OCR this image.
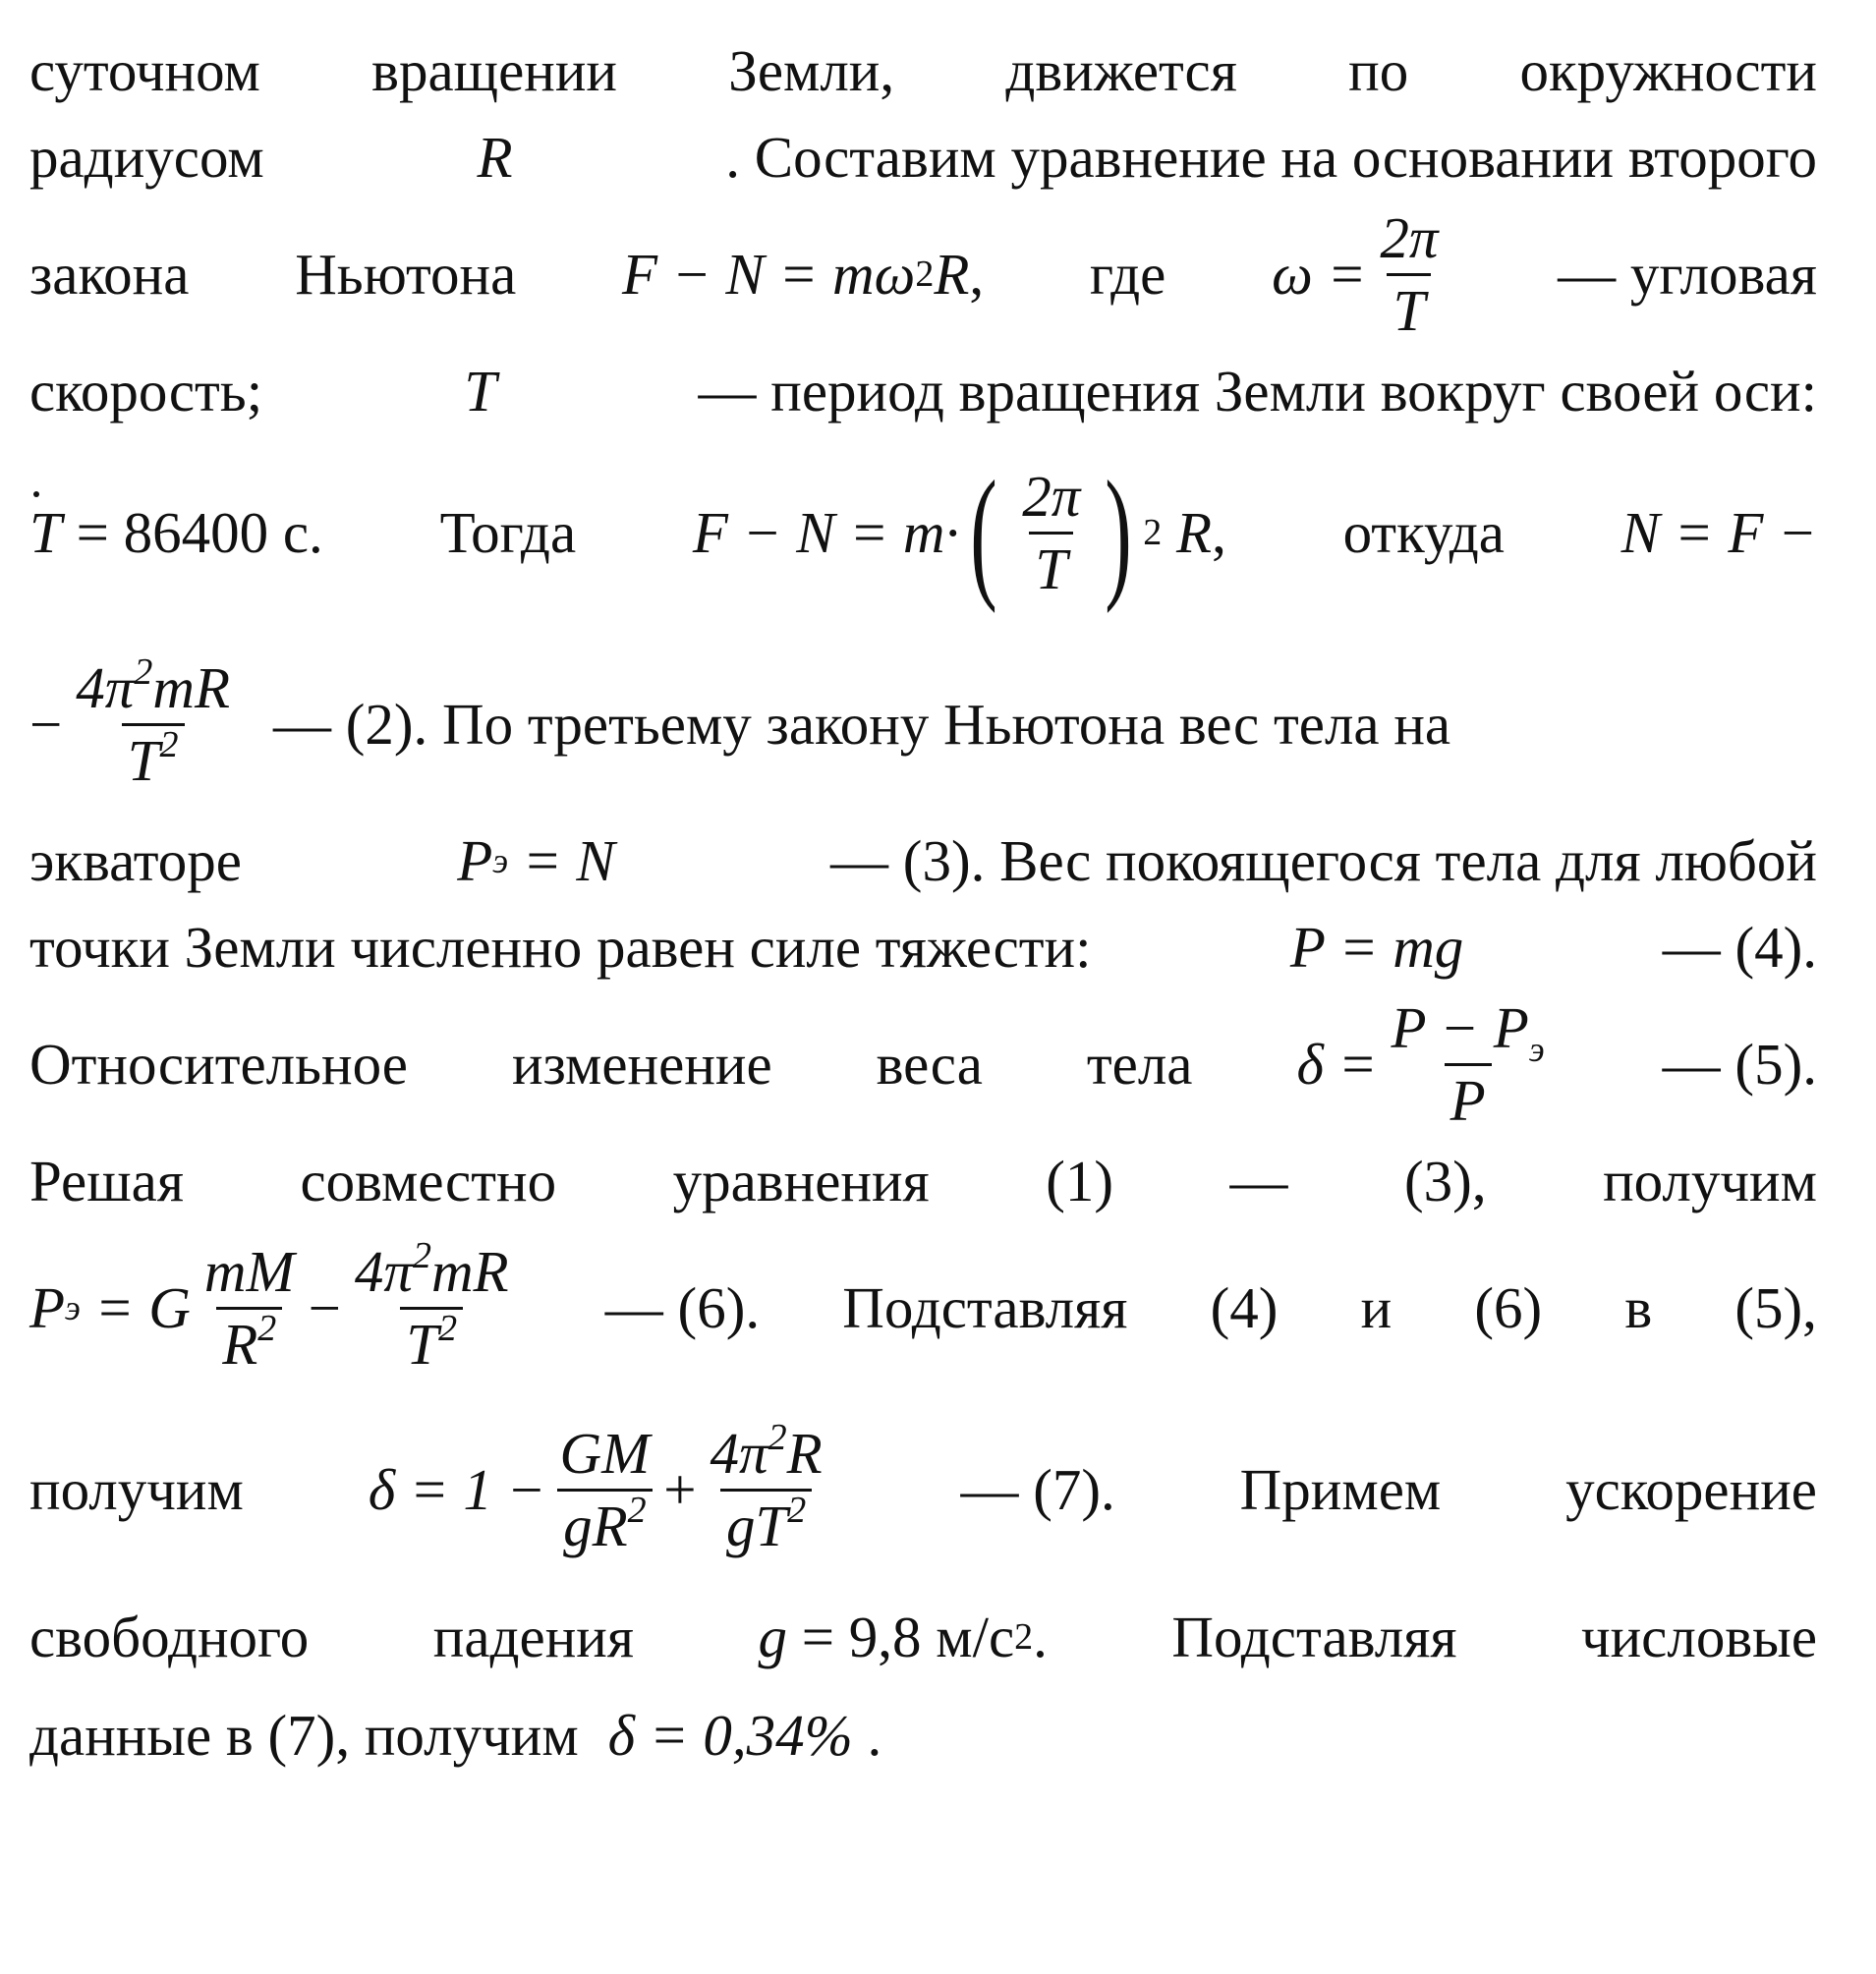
суточном вращении Земли, движется по окружности
радиусом	R	. Составим уравнение на основании второго
закона Ньютона F − N = mω 2 R , где $\omega = \frac{2\pi}{T}$ — угловая
скорость;	T	— период вращения Земли вокруг своей оси:
T
= 86400
с. Тогда F − N = m· ( $\frac{2\pi}{T}$ ) 2
R , откуда N = F −
− $\frac{4\pi^2mR}{T^2}$ — (2). По третьему закону Ньютона вес тела на
экваторе	P э
= N	— (3). Вес покоящегося тела для любой
точки Земли численно равен силе тяжести:	P = mg	— (4).
Относительное изменение веса тела $\delta = \frac{P - P_э}{P}$ — (5).
Решая совместно уравнения (1) — (3), получим
P э
= G $\frac{mM}{R^2} - \frac{4\pi^2mR}{T^2}$ — (6). Подставляя (4) и (6) в (5),
получим $\delta = 1 - \frac{GM}{gR^2} + \frac{4\pi^2R}{gT^2}$ — (7). Примем ускорение
свободного падения g
= 9,8 м/с 2 . Подставляя числовые
данные в (7), получим δ = 0,34%
.
